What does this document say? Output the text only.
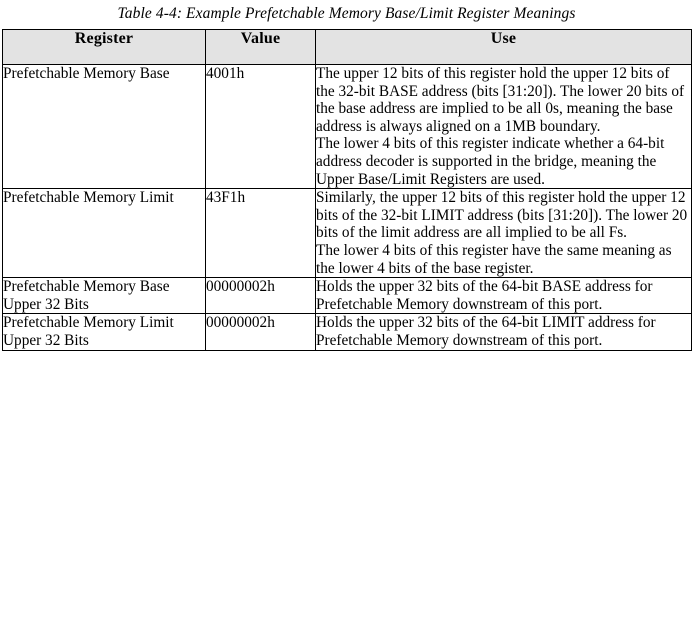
Table 4-4: Example Prefetchable Memory Base/Limit Register Meanings
Register	Value	Use
Prefetchable Memory Base	4001h	The upper 12 bits of this register hold the upper 12 bits of the 32-bit BASE address (bits [31:20]). The lower 20 bits of the base address are implied to be all 0s, meaning the base address is always aligned on a 1MB boundary.

The lower 4 bits of this register indicate whether a 64-bit address decoder is supported in the bridge, meaning the Upper Base/Limit Registers are used.

Prefetchable Memory Limit	43F1h	Similarly, the upper 12 bits of this register hold the upper 12 bits of the 32-bit LIMIT address (bits [31:20]). The lower 20 bits of the limit address are all implied to be all Fs.

The lower 4 bits of this register have the same meaning as the lower 4 bits of the base register.

Prefetchable Memory Base Upper 32 Bits	00000002h	Holds the upper 32 bits of the 64-bit BASE address for Prefetchable Memory downstream of this port.

Prefetchable Memory Limit Upper 32 Bits	00000002h	Holds the upper 32 bits of the 64-bit LIMIT address for Prefetchable Memory downstream of this port.
